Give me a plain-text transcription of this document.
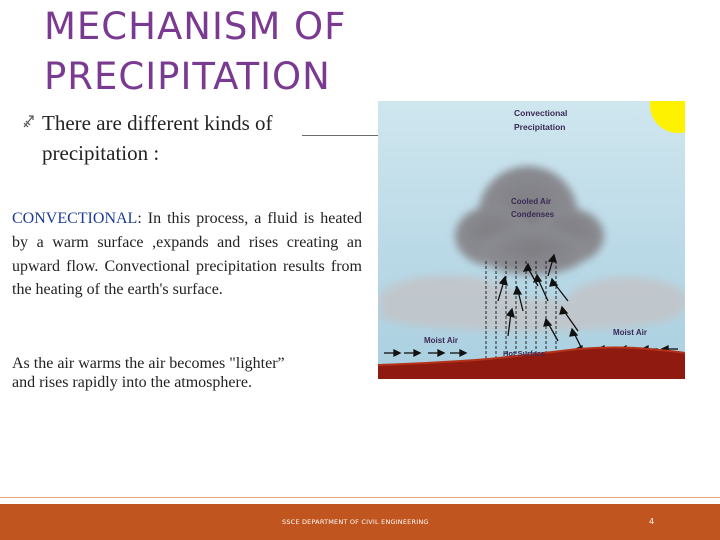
MECHANISM OF
PRECIPITATION

There are different kinds of
precipitation :

CONVECTIONAL: In this process, a fluid is heated by a warm surface ,expands and rises creating an upward flow. Convectional precipitation results from the heating of the earth's surface.

As the air warms the air becomes "lighter”
and rises rapidly into the atmosphere.

Convectional
Precipitation
Cooled Air
Condenses
Moist Air
Moist Air
Hot Surface
SSCE DEPARTMENT OF CIVIL ENGINEERING	4
